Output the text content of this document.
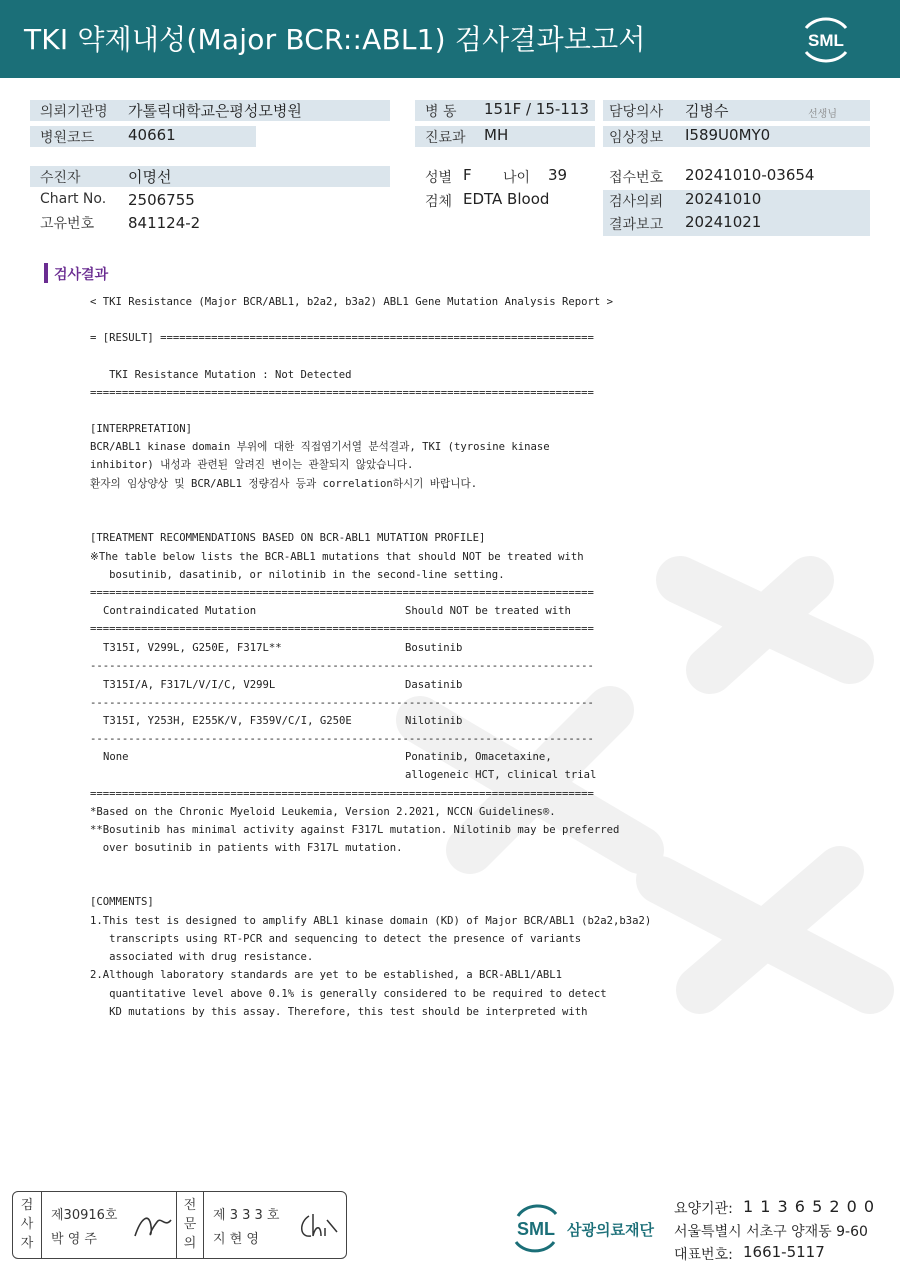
TKI 약제내성(Major BCR::ABL1) 검사결과보고서	SML
의뢰기관명 가톨릭대학교은평성모병원
병원코드 40661
병 동 151F / 15-113
진료과 MH
담당의사 김병수	선생님
임상정보 I589U0MY0
수진자	이명선
Chart No. 2506755
고유번호 841124-2
성별 F 나이 39
검체 EDTA Blood
접수번호 20241010-03654
검사의뢰 20241010
결과보고 20241021
검사결과
< TKI Resistance (Major BCR/ABL1, b2a2, b3a2) ABL1 Gene Mutation Analysis Report >
= [RESULT] ====================================================================
TKI Resistance Mutation : Not Detected
===============================================================================
[INTERPRETATION]
BCR/ABL1 kinase domain 부위에 대한 직접염기서열 분석결과, TKI (tyrosine kinase
inhibitor) 내성과 관련된 알려진 변이는 관찰되지 않았습니다.
환자의 임상양상 및 BCR/ABL1 정량검사 등과 correlation하시기 바랍니다.
[TREATMENT RECOMMENDATIONS BASED ON BCR-ABL1 MUTATION PROFILE]
※The table below lists the BCR-ABL1 mutations that should NOT be treated with
bosutinib, dasatinib, or nilotinib in the second-line setting.
===============================================================================
Contraindicated Mutation	Should NOT be treated with
===============================================================================
T315I, V299L, G250E, F317L**	Bosutinib
-------------------------------------------------------------------------------
T315I/A, F317L/V/I/C, V299L	Dasatinib
-------------------------------------------------------------------------------
T315I, Y253H, E255K/V, F359V/C/I, G250E	Nilotinib
-------------------------------------------------------------------------------
None	Ponatinib, Omacetaxine,
allogeneic HCT, clinical trial
===============================================================================
*Based on the Chronic Myeloid Leukemia, Version 2.2021, NCCN Guidelines®.
**Bosutinib has minimal activity against F317L mutation. Nilotinib may be preferred
over bosutinib in patients with F317L mutation.
[COMMENTS]
1.This test is designed to amplify ABL1 kinase domain (KD) of Major BCR/ABL1 (b2a2,b3a2)
transcripts using RT-PCR and sequencing to detect the presence of variants
associated with drug resistance.
2.Although laboratory standards are yet to be established, a BCR-ABL1/ABL1
quantitative level above 0.1% is generally considered to be required to detect
KD mutations by this assay. Therefore, this test should be interpreted with
검사자
제30916호
박 영 주
전문의
제 3 3 3 호
지 현 영
SML 삼광의료재단
요양기관: 1 1 3 6 5 2 0 0
서울특별시 서초구 양재동 9-60
대표번호: 1661-5117
